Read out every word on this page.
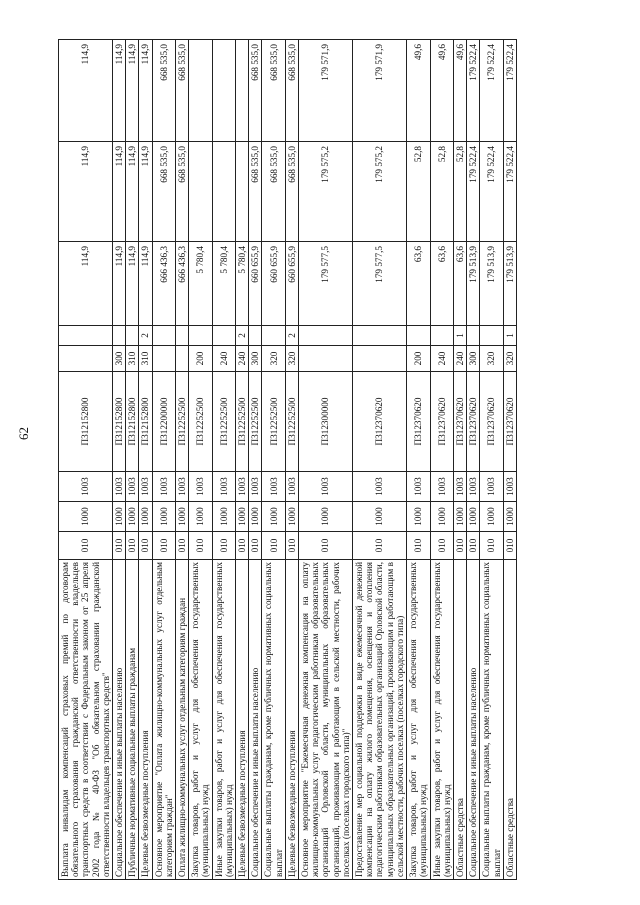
62
Выплата инвалидам компенсаций страховых премий по договорам обязательного страхования гражданской ответственности владельцев транспортных средств в соответствии с Федеральным законом от 25 апреля 2002 года № 40-ФЗ "Об обязательном страховании гражданской ответственности владельцев транспортных средств"	010	1000	1003	П312152800			114,9	114,9	114,9
Социальное обеспечение и иные выплаты населению	010	1000	1003	П312152800	300		114,9	114,9	114,9
Публичные нормативные социальные выплаты гражданам	010	1000	1003	П312152800	310		114,9	114,9	114,9
Целевые безвозмездные поступления	010	1000	1003	П312152800	310	2	114,9	114,9	114,9
Основное мероприятие "Оплата жилищно-коммунальных услуг отдельным категориям граждан"	010	1000	1003	П312200000			666 436,3	668 535,0	668 535,0
Оплата жилищно-коммунальных услуг отдельным категориям граждан	010	1000	1003	П312252500			666 436,3	668 535,0	668 535,0
Закупка товаров, работ и услуг для обеспечения государственных (муниципальных) нужд	010	1000	1003	П312252500	200		5 780,4		
Иные закупки товаров, работ и услуг для обеспечения государственных (муниципальных) нужд	010	1000	1003	П312252500	240		5 780,4		
Целевые безвозмездные поступления	010	1000	1003	П312252500	240	2	5 780,4		
Социальное обеспечение и иные выплаты населению	010	1000	1003	П312252500	300		660 655,9	668 535,0	668 535,0
Социальные выплаты гражданам, кроме публичных нормативных социальных выплат	010	1000	1003	П312252500	320		660 655,9	668 535,0	668 535,0
Целевые безвозмездные поступления	010	1000	1003	П312252500	320	2	660 655,9	668 535,0	668 535,0
Основное мероприятие "Ежемесячная денежная компенсация на оплату жилищно-коммунальных услуг педагогическим работникам образовательных организаций Орловской области, муниципальных образовательных организаций, проживающим и работающим в сельской местности, рабочих поселках (поселках городского типа)"	010	1000	1003	П312300000			179 577,5	179 575,2	179 571,9
Предоставление мер социальной поддержки в виде ежемесячной денежной компенсации на оплату жилого помещения, освещения и отопления педагогическим работникам образовательных организаций Орловской области, муниципальных образовательных организаций, проживающим и работающим в сельской местности, рабочих поселках (поселках городского типа)	010	1000	1003	П312370620			179 577,5	179 575,2	179 571,9
Закупка товаров, работ и услуг для обеспечения государственных (муниципальных) нужд	010	1000	1003	П312370620	200		63,6	52,8	49,6
Иные закупки товаров, работ и услуг для обеспечения государственных (муниципальных) нужд	010	1000	1003	П312370620	240		63,6	52,8	49,6
Областные средства	010	1000	1003	П312370620	240	1	63,6	52,8	49,6
Социальное обеспечение и иные выплаты населению	010	1000	1003	П312370620	300		179 513,9	179 522,4	179 522,4
Социальные выплаты гражданам, кроме публичных нормативных социальных выплат	010	1000	1003	П312370620	320		179 513,9	179 522,4	179 522,4
Областные средства	010	1000	1003	П312370620	320	1	179 513,9	179 522,4	179 522,4
